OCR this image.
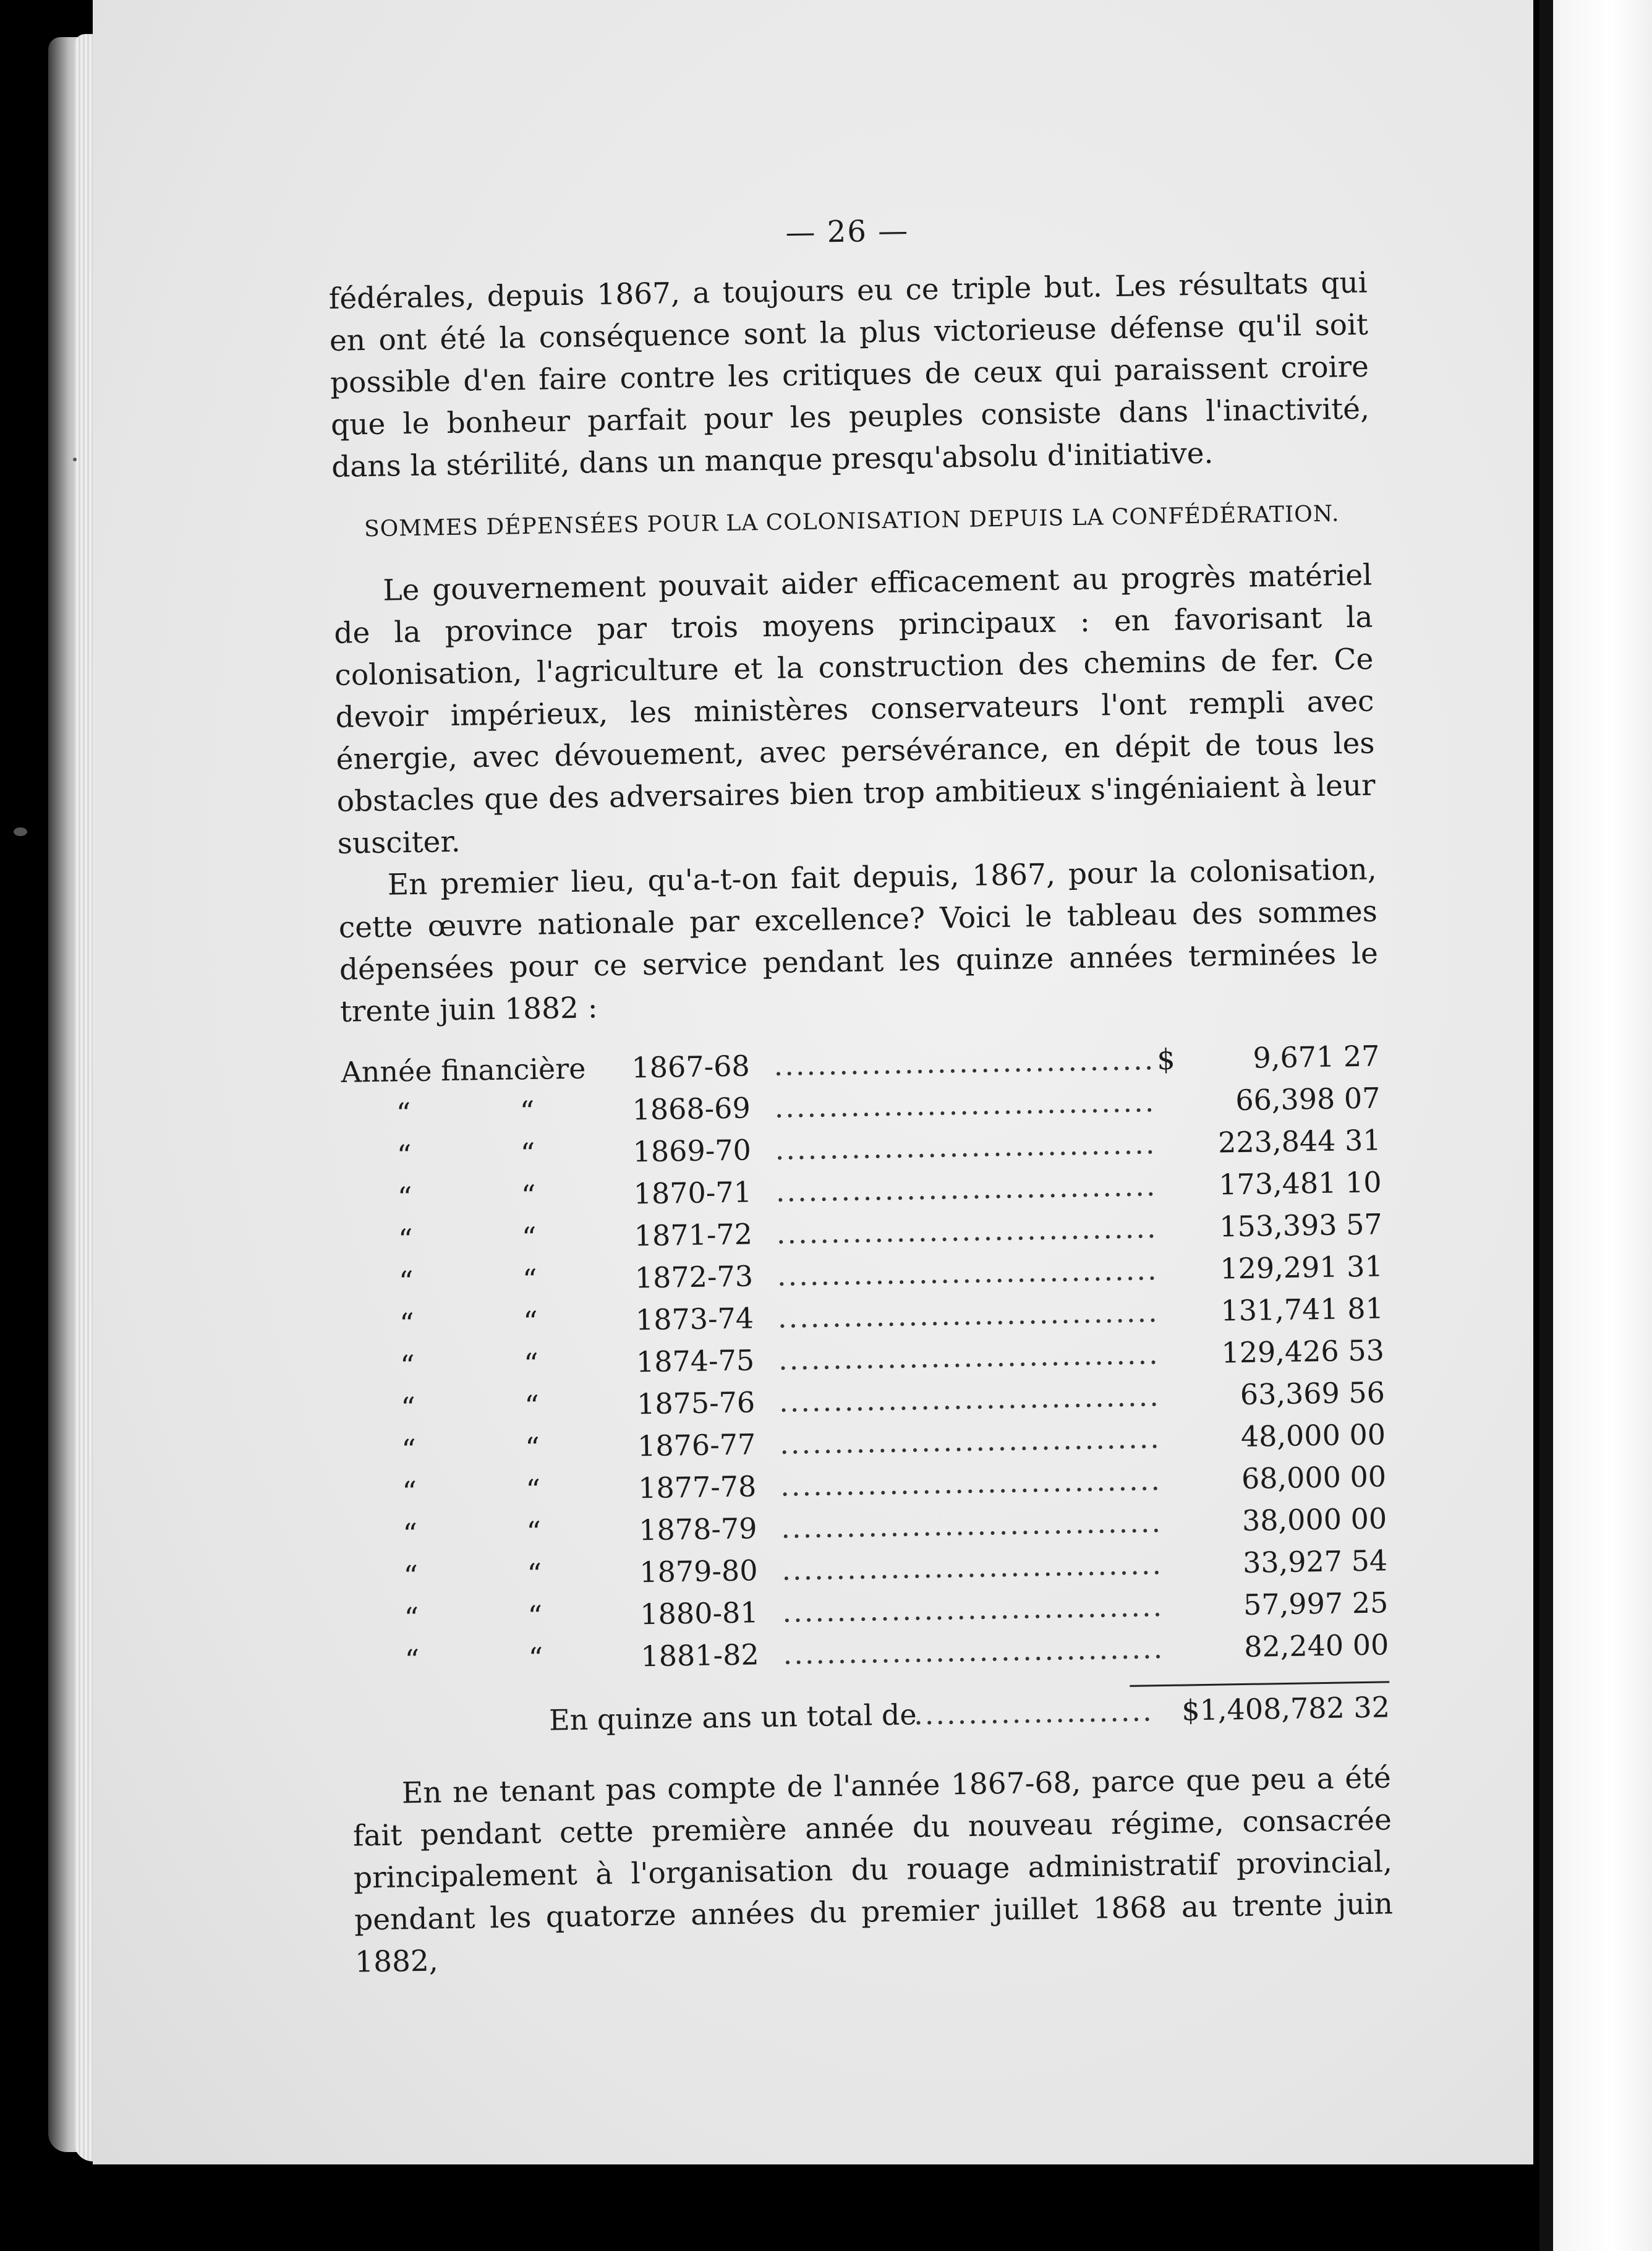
— 26 —

fédérales, depuis 1867, a toujours eu ce triple but. Les résultats qui en ont été la conséquence sont la plus victorieuse défense qu'il soit possible d'en faire contre les critiques de ceux qui paraissent croire que le bonheur parfait pour les peuples consiste dans l'inactivité, dans la stérilité, dans un manque presqu'absolu d'initiative.

SOMMES DÉPENSÉES POUR LA COLONISATION DEPUIS LA CONFÉDÉRATION.

Le gouvernement pouvait aider efficacement au progrès matériel de la province par trois moyens principaux : en favorisant la colonisation, l'agriculture et la construction des chemins de fer. Ce devoir impérieux, les ministères conservateurs l'ont rempli avec énergie, avec dévouement, avec persévérance, en dépit de tous les obstacles que des adversaires bien trop ambitieux s'ingéniaient à leur susciter.

En premier lieu, qu'a-t-on fait depuis, 1867, pour la colonisation, cette œuvre nationale par excellence? Voici le tableau des sommes dépensées pour ce service pendant les quinze années terminées le trente juin 1882 :

Année financière	1867-68 .....	$	9,671 27
“	“	1868-69 .....	66,398 07
“	“	1869-70 .....	223,844 31
“	“	1870-71 .....	173,481 10
“	“	1871-72 .....	153,393 57
“	“	1872-73 .....	129,291 31
“	“	1873-74 .....	131,741 81
“	“	1874-75 .....	129,426 53
“	“	1875-76 .....	63,369 56
“	“	1876-77 .....	48,000 00
“	“	1877-78 .....	68,000 00
“	“	1878-79 .....	38,000 00
“	“	1879-80 .....	33,927 54
“	“	1880-81 .....	57,997 25
“	“	1881-82 .....	82,240 00
En quinze ans un total de .....	$1,408,782 32

En ne tenant pas compte de l'année 1867-68, parce que peu a été fait pendant cette première année du nouveau régime, consacrée principalement à l'organisation du rouage administratif provincial, pendant les quatorze années du premier juillet 1868 au trente juin 1882,
